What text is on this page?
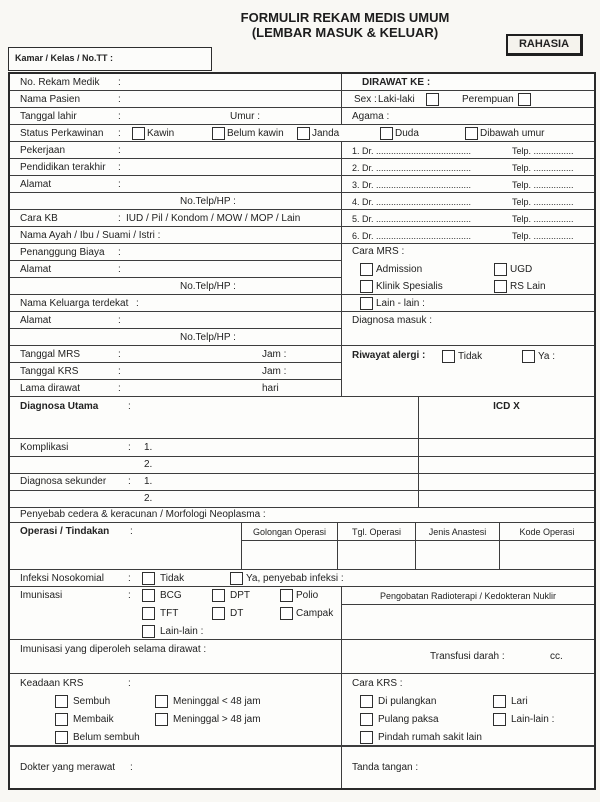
FORMULIR REKAM MEDIS UMUM
(LEMBAR MASUK & KELUAR)
RAHASIA
Kamar / Kelas / No.TT :
No. Rekam Medik :	DIRAWAT KE :
Nama Pasien	:	Sex : Laki-laki	Perempuan
Tanggal lahir	:	Umur :	Agama :
Status Perkawinan :	Kawin	Belum kawin	Janda	Duda	Dibawah umur
Pekerjaan	:
Pendidikan terakhir :
Alamat	:
No.Telp/HP :
Cara KB	: IUD / Pil / Kondom / MOW / MOP / Lain
Nama Ayah / Ibu / Suami / Istri :
1. Dr. ......................................	Telp. ................
2. Dr. ......................................	Telp. ................
3. Dr. ......................................	Telp. ................
4. Dr. ......................................	Telp. ................
5. Dr. ......................................	Telp. ................
6. Dr. ......................................	Telp. ................
Penanggung Biaya :
Alamat	:
No.Telp/HP :
Cara MRS :
Admission	UGD
Klinik Spesialis	RS Lain
Nama Keluarga terdekat :	Lain - lain :
Alamat	:
No.Telp/HP :
Diagnosa masuk :
Tanggal MRS	:	Jam :
Tanggal KRS	:	Jam :
Lama dirawat	:	hari
Riwayat alergi :	Tidak	Ya :
Diagnosa Utama	:	ICD X
Komplikasi	: 1.
2.
Diagnosa sekunder : 1.
2.
Penyebab cedera & keracunan / Morfologi Neoplasma :
Operasi / Tindakan :	Golongan Operasi	Tgl. Operasi	Jenis Anastesi	Kode Operasi
Infeksi Nosokomial :	Tidak	Ya, penyebab infeksi :
Imunisasi	:	BCG	DPT	Polio
TFT	DT	Campak
Lain-lain :
Pengobatan Radioterapi / Kedokteran Nuklir
Imunisasi yang diperoleh selama dirawat :
Transfusi darah :	cc.
Keadaan KRS	:
Sembuh	Meninggal < 48 jam
Membaik	Meninggal > 48 jam
Belum sembuh
Cara KRS :
Di pulangkan	Lari
Pulang paksa	Lain-lain :
Pindah rumah sakit lain
Dokter yang merawat :	Tanda tangan :
